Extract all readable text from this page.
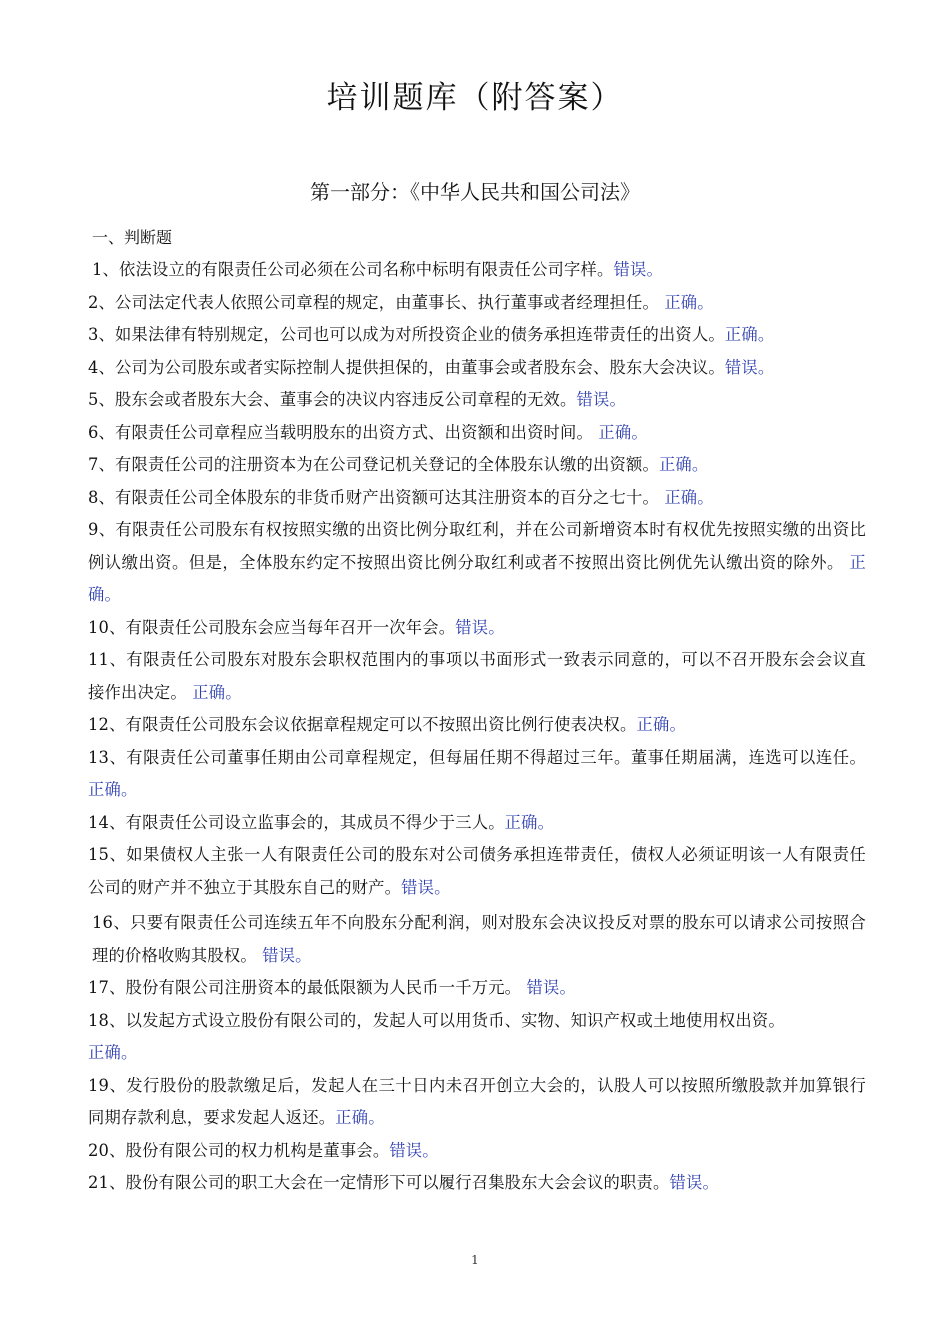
培训题库（附答案）
第一部分：《中华人民共和国公司法》
一、判断题

1、依法设立的有限责任公司必须在公司名称中标明有限责任公司字样。错误。

2、公司法定代表人依照公司章程的规定，由董事长、执行董事或者经理担任。 正确。

3、如果法律有特别规定，公司也可以成为对所投资企业的债务承担连带责任的出资人。正确。

4、公司为公司股东或者实际控制人提供担保的，由董事会或者股东会、股东大会决议。错误。

5、股东会或者股东大会、董事会的决议内容违反公司章程的无效。错误。

6、有限责任公司章程应当载明股东的出资方式、出资额和出资时间。 正确。

7、有限责任公司的注册资本为在公司登记机关登记的全体股东认缴的出资额。正确。

8、有限责任公司全体股东的非货币财产出资额可达其注册资本的百分之七十。 正确。

9、有限责任公司股东有权按照实缴的出资比例分取红利，并在公司新增资本时有权优先按照实缴的出资比例认缴出资。但是，全体股东约定不按照出资比例分取红利或者不按照出资比例优先认缴出资的除外。 正确。

10、有限责任公司股东会应当每年召开一次年会。错误。

11、有限责任公司股东对股东会职权范围内的事项以书面形式一致表示同意的，可以不召开股东会会议直接作出决定。 正确。

12、有限责任公司股东会议依据章程规定可以不按照出资比例行使表决权。正确。

13、有限责任公司董事任期由公司章程规定，但每届任期不得超过三年。董事任期届满，连选可以连任。 正确。

14、有限责任公司设立监事会的，其成员不得少于三人。正确。

15、如果债权人主张一人有限责任公司的股东对公司债务承担连带责任，债权人必须证明该一人有限责任公司的财产并不独立于其股东自己的财产。错误。

16、只要有限责任公司连续五年不向股东分配利润，则对股东会决议投反对票的股东可以请求公司按照合理的价格收购其股权。 错误。

17、股份有限公司注册资本的最低限额为人民币一千万元。 错误。

18、以发起方式设立股份有限公司的，发起人可以用货币、实物、知识产权或土地使用权出资。
正确。

19、发行股份的股款缴足后，发起人在三十日内未召开创立大会的，认股人可以按照所缴股款并加算银行同期存款利息，要求发起人返还。正确。

20、股份有限公司的权力机构是董事会。错误。

21、股份有限公司的职工大会在一定情形下可以履行召集股东大会会议的职责。错误。

1
